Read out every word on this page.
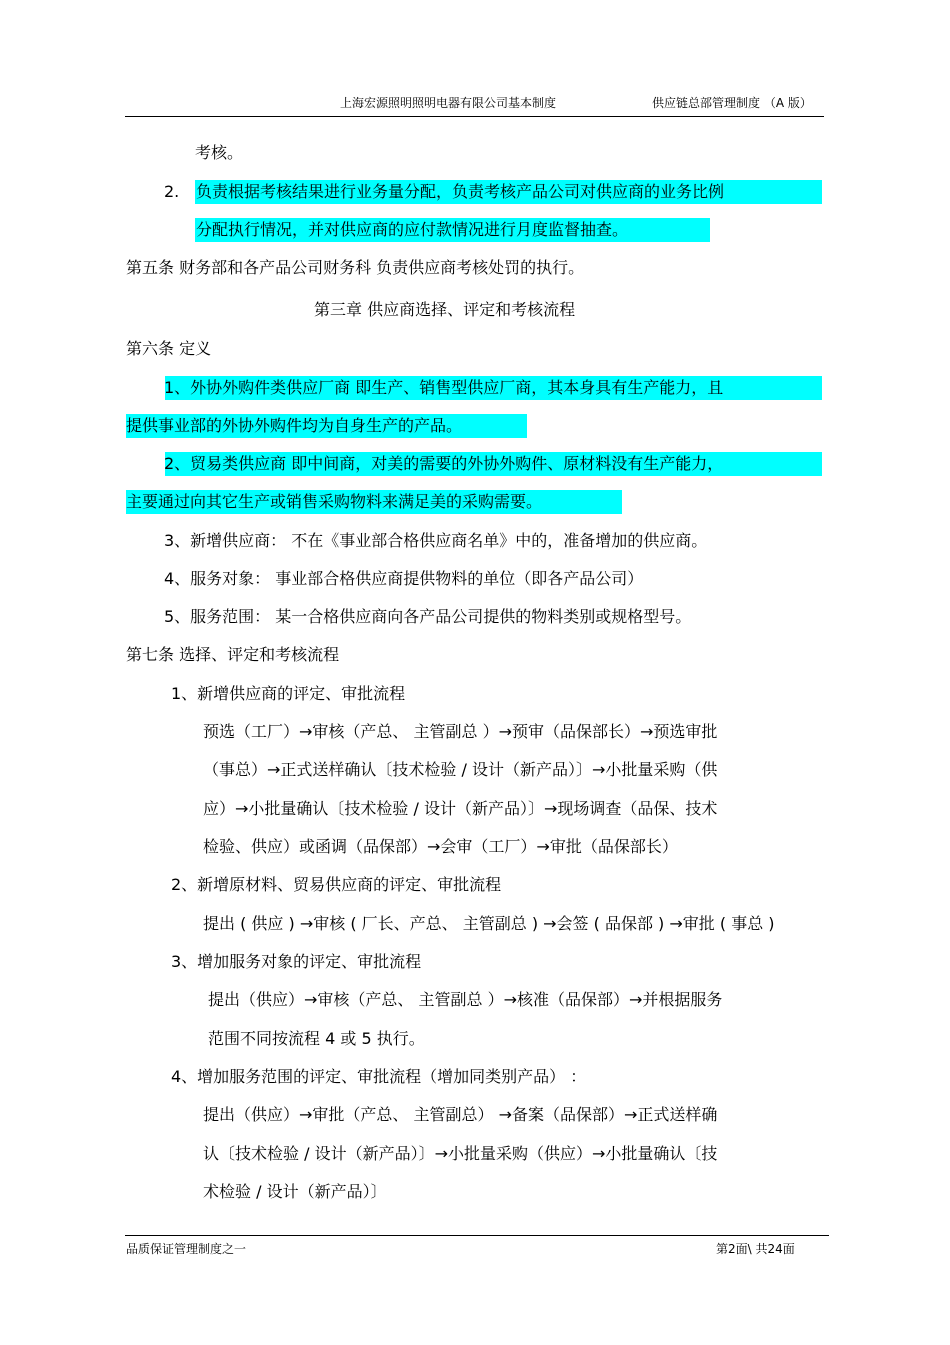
上海宏源照明照明电器有限公司基本制度	供应链总部管理制度 （A 版）
考核。
2. 负责根据考核结果进行业务量分配，负责考核产品公司对供应商的业务比例
分配执行情况，并对供应商的应付款情况进行月度监督抽查。
第五条 财务部和各产品公司财务科 负责供应商考核处罚的执行。
第三章 供应商选择、评定和考核流程
第六条 定义
1、外协外购件类供应厂商 即生产、销售型供应厂商，其本身具有生产能力，且
提供事业部的外协外购件均为自身生产的产品。
2、贸易类供应商 即中间商，对美的需要的外协外购件、原材料没有生产能力，
主要通过向其它生产或销售采购物料来满足美的采购需要。
3、新增供应商： 不在《事业部合格供应商名单》中的，准备增加的供应商。
4、服务对象： 事业部合格供应商提供物料的单位（即各产品公司）
5、服务范围： 某一合格供应商向各产品公司提供的物料类别或规格型号。
第七条 选择、评定和考核流程
1、新增供应商的评定、审批流程
预选（工厂）→审核（产总、 主管副总 ）→预审（品保部长）→预选审批
（事总）→正式送样确认〔技术检验 / 设计（新产品）〕→小批量采购（供
应）→小批量确认〔技术检验 / 设计（新产品）〕→现场调查（品保、技术
检验、供应）或函调（品保部）→会审（工厂）→审批（品保部长）
2、新增原材料、贸易供应商的评定、审批流程
提出 ( 供应 ) →审核 ( 厂长、产总、 主管副总 ) →会签 ( 品保部 ) →审批 ( 事总 )
3、增加服务对象的评定、审批流程
提出（供应）→审核（产总、 主管副总 ）→核准（品保部）→并根据服务
范围不同按流程 4 或 5 执行。
4、增加服务范围的评定、审批流程（增加同类别产品） ：
提出（供应）→审批（产总、 主管副总） →备案（品保部）→正式送样确
认〔技术检验 / 设计（新产品）〕→小批量采购（供应）→小批量确认〔技
术检验 / 设计（新产品）〕
品质保证管理制度之一	第2面\ 共24面
